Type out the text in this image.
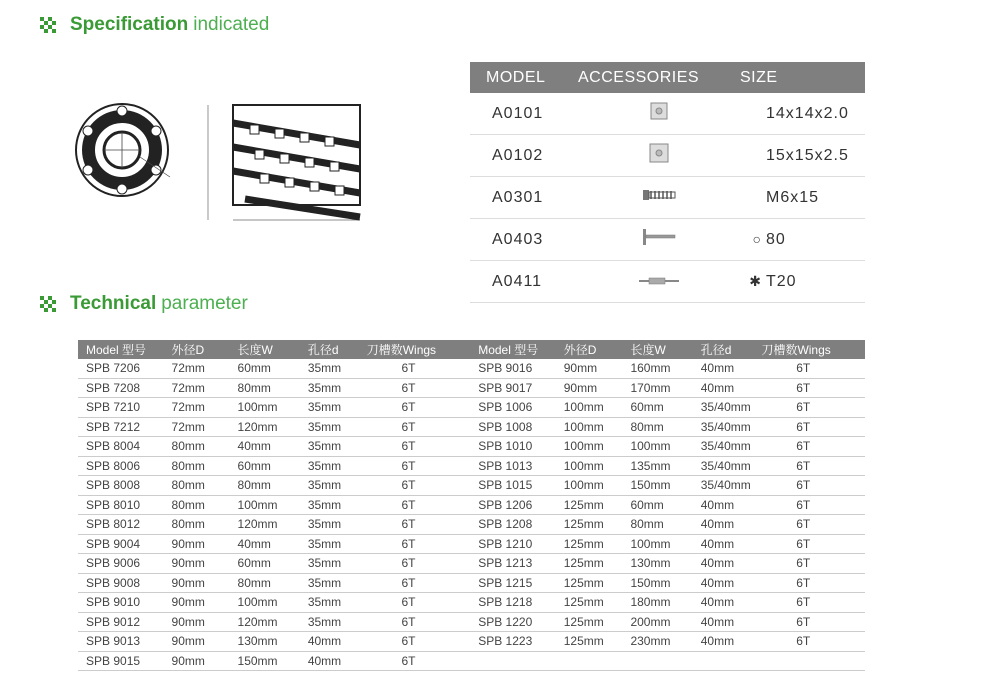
Specification indicated
MODEL	ACCESSORIES	SIZE
A0101		14x14x2.0
A0102		15x15x2.5
A0301		M6x15
A0403		○ 80
A0411		✱ T20
Technical parameter
Model 型号	外径D	长度W	孔径d	刀槽数Wings	Model 型号	外径D	长度W	孔径d	刀槽数Wings
SPB 7206	72mm	60mm	35mm	6T	SPB 9016	90mm	160mm	40mm	6T
SPB 7208	72mm	80mm	35mm	6T	SPB 9017	90mm	170mm	40mm	6T
SPB 7210	72mm	100mm	35mm	6T	SPB 1006	100mm	60mm	35/40mm	6T
SPB 7212	72mm	120mm	35mm	6T	SPB 1008	100mm	80mm	35/40mm	6T
SPB 8004	80mm	40mm	35mm	6T	SPB 1010	100mm	100mm	35/40mm	6T
SPB 8006	80mm	60mm	35mm	6T	SPB 1013	100mm	135mm	35/40mm	6T
SPB 8008	80mm	80mm	35mm	6T	SPB 1015	100mm	150mm	35/40mm	6T
SPB 8010	80mm	100mm	35mm	6T	SPB 1206	125mm	60mm	40mm	6T
SPB 8012	80mm	120mm	35mm	6T	SPB 1208	125mm	80mm	40mm	6T
SPB 9004	90mm	40mm	35mm	6T	SPB 1210	125mm	100mm	40mm	6T
SPB 9006	90mm	60mm	35mm	6T	SPB 1213	125mm	130mm	40mm	6T
SPB 9008	90mm	80mm	35mm	6T	SPB 1215	125mm	150mm	40mm	6T
SPB 9010	90mm	100mm	35mm	6T	SPB 1218	125mm	180mm	40mm	6T
SPB 9012	90mm	120mm	35mm	6T	SPB 1220	125mm	200mm	40mm	6T
SPB 9013	90mm	130mm	40mm	6T	SPB 1223	125mm	230mm	40mm	6T
SPB 9015	90mm	150mm	40mm	6T					
